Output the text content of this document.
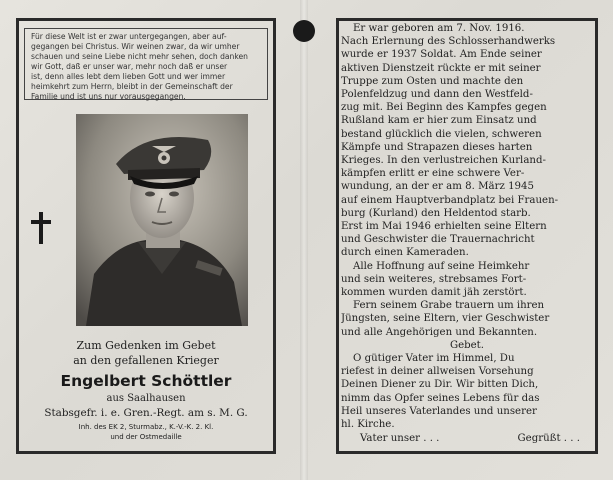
Für diese Welt ist er zwar untergegangen, aber auf-
gegangen bei Christus. Wir weinen zwar, da wir umher
schauen und seine Liebe nicht mehr sehen, doch danken
wir Gott, daß er unser war, mehr noch daß er unser
ist, denn alles lebt dem lieben Gott und wer immer
heimkehrt zum Herrn, bleibt in der Gemeinschaft der
Familie und ist uns nur vorausgegangen.
Zum Gedenken im Gebet
an den gefallenen Krieger
Engelbert Schöttler
aus Saalhausen
Stabsgefr. i. e. Gren.-Regt. am s. M. G.
Inh. des EK 2, Sturmabz., K.-V.-K. 2. Kl.
und der Ostmedaille
Er war geboren am 7. Nov. 1916.
Nach Erlernung des Schlosserhandwerks
wurde er 1937 Soldat. Am Ende seiner
aktiven Dienstzeit rückte er mit seiner
Truppe zum Osten und machte den
Polenfeldzug und dann den Westfeld-
zug mit. Bei Beginn des Kampfes gegen
Rußland kam er hier zum Einsatz und
bestand glücklich die vielen, schweren
Kämpfe und Strapazen dieses harten
Krieges. In den verlustreichen Kurland-
kämpfen erlitt er eine schwere Ver-
wundung, an der er am 8. März 1945
auf einem Hauptverbandplatz bei Frauen-
burg (Kurland) den Heldentod starb.
Erst im Mai 1946 erhielten seine Eltern
und Geschwister die Trauernachricht
durch einen Kameraden.
Alle Hoffnung auf seine Heimkehr
und sein weiteres, strebsames Fort-
kommen wurden damit jäh zerstört.
Fern seinem Grabe trauern um ihren
Jüngsten, seine Eltern, vier Geschwister
und alle Angehörigen und Bekannten.
Gebet.
O gütiger Vater im Himmel, Du
riefest in deiner allweisen Vorsehung
Deinen Diener zu Dir. Wir bitten Dich,
nimm das Opfer seines Lebens für das
Heil unseres Vaterlandes und unserer
hl. Kirche.
Vater unser . . .	Gegrüßt . . .
